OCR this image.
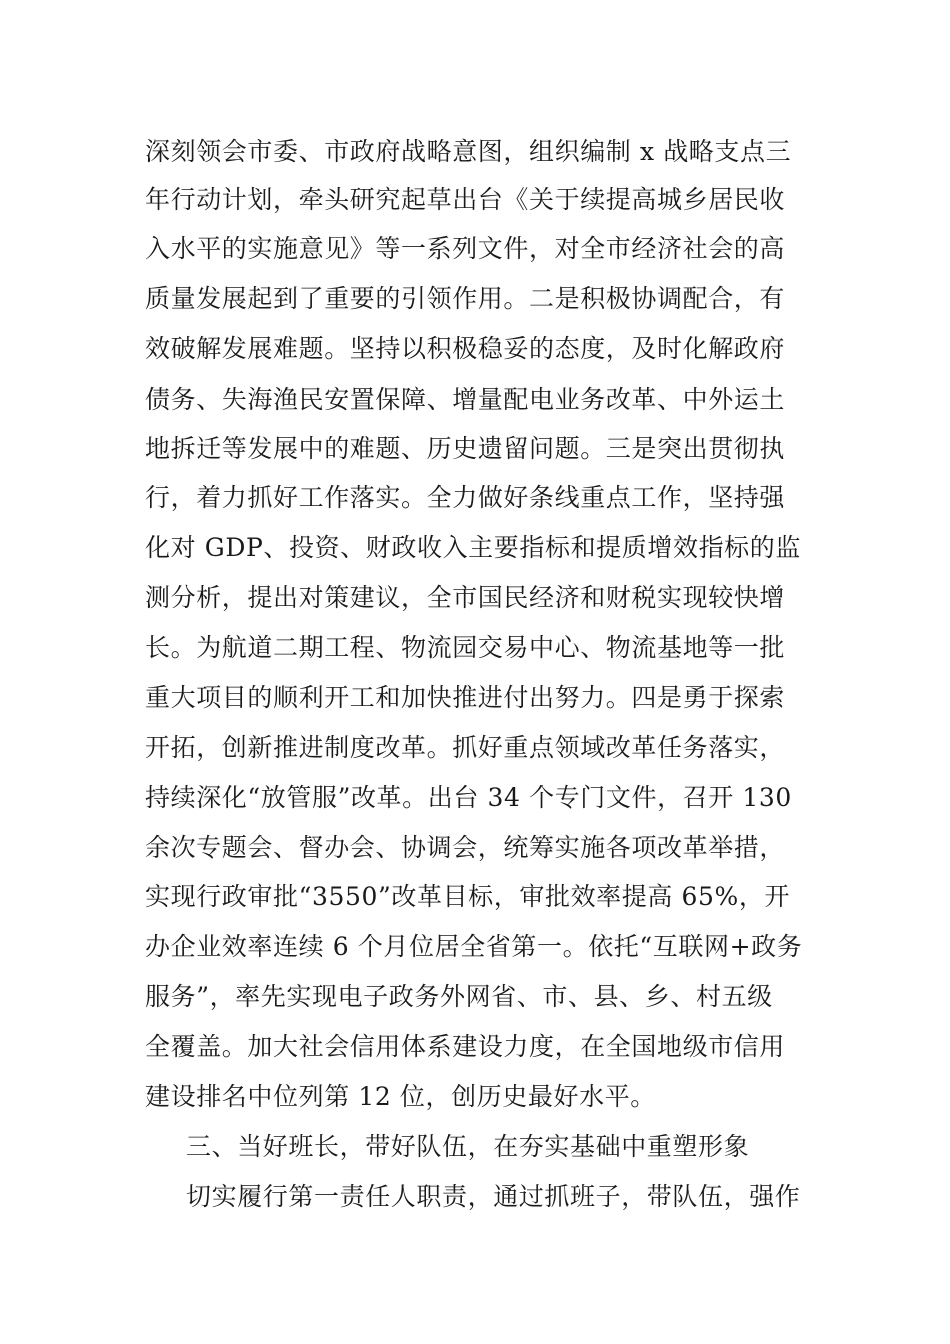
深刻领会市委、市政府战略意图，组织编制 x 战略支点三
年行动计划，牵头研究起草出台《关于续提高城乡居民收
入水平的实施意见》等一系列文件，对全市经济社会的高
质量发展起到了重要的引领作用。二是积极协调配合，有
效破解发展难题。坚持以积极稳妥的态度，及时化解政府
债务、失海渔民安置保障、增量配电业务改革、中外运土
地拆迁等发展中的难题、历史遗留问题。三是突出贯彻执
行，着力抓好工作落实。全力做好条线重点工作，坚持强
化对 GDP、投资、财政收入主要指标和提质增效指标的监
测分析，提出对策建议，全市国民经济和财税实现较快增
长。为航道二期工程、物流园交易中心、物流基地等一批
重大项目的顺利开工和加快推进付出努力。四是勇于探索
开拓，创新推进制度改革。抓好重点领域改革任务落实，
持续深化“放管服”改革。出台 34 个专门文件，召开 130
余次专题会、督办会、协调会，统筹实施各项改革举措，
实现行政审批“3550”改革目标，审批效率提高 65%，开
办企业效率连续 6 个月位居全省第一。依托“互联网+政务
服务”，率先实现电子政务外网省、市、县、乡、村五级
全覆盖。加大社会信用体系建设力度，在全国地级市信用
建设排名中位列第 12 位，创历史最好水平。
三、当好班长，带好队伍，在夯实基础中重塑形象
切实履行第一责任人职责，通过抓班子，带队伍，强作
